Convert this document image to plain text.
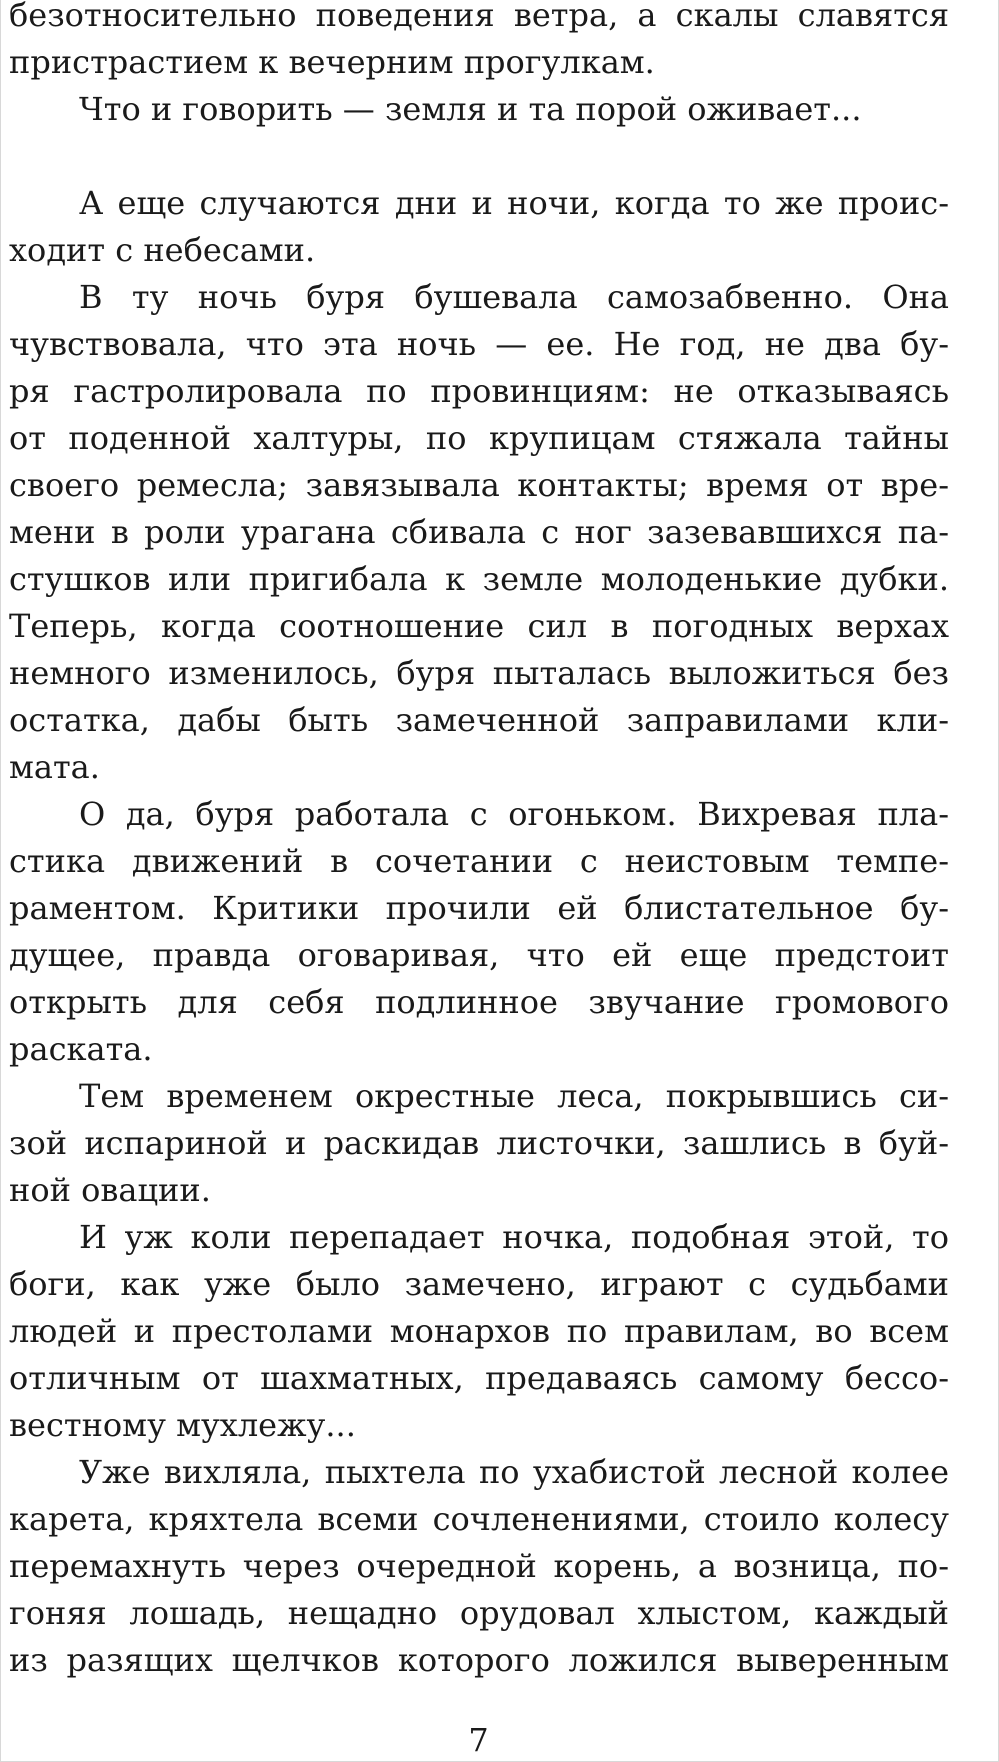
безотносительно поведения ветра, а скалы славятся
пристрастием к вечерним прогулкам.
Что и говорить — земля и та порой оживает...
А еще случаются дни и ночи, когда то же проис-
ходит с небесами.
В ту ночь буря бушевала самозабвенно. Она
чувствовала, что эта ночь — ее. Не год, не два бу-
ря гастролировала по провинциям: не отказываясь
от поденной халтуры, по крупицам стяжала тайны
своего ремесла; завязывала контакты; время от вре-
мени в роли урагана сбивала с ног зазевавшихся па-
стушков или пригибала к земле молоденькие дубки.
Теперь, когда соотношение сил в погодных верхах
немного изменилось, буря пыталась выложиться без
остатка, дабы быть замеченной заправилами кли-
мата.
О да, буря работала с огоньком. Вихревая пла-
стика движений в сочетании с неистовым темпе-
раментом. Критики прочили ей блистательное бу-
дущее, правда оговаривая, что ей еще предстоит
открыть для себя подлинное звучание громового
раската.
Тем временем окрестные леса, покрывшись си-
зой испариной и раскидав листочки, зашлись в буй-
ной овации.
И уж коли перепадает ночка, подобная этой, то
боги, как уже было замечено, играют с судьбами
людей и престолами монархов по правилам, во всем
отличным от шахматных, предаваясь самому бессо-
вестному мухлежу...
Уже вихляла, пыхтела по ухабистой лесной колее
карета, кряхтела всеми сочленениями, стоило колесу
перемахнуть через очередной корень, а возница, по-
гоняя лошадь, нещадно орудовал хлыстом, каждый
из разящих щелчков которого ложился выверенным
7
